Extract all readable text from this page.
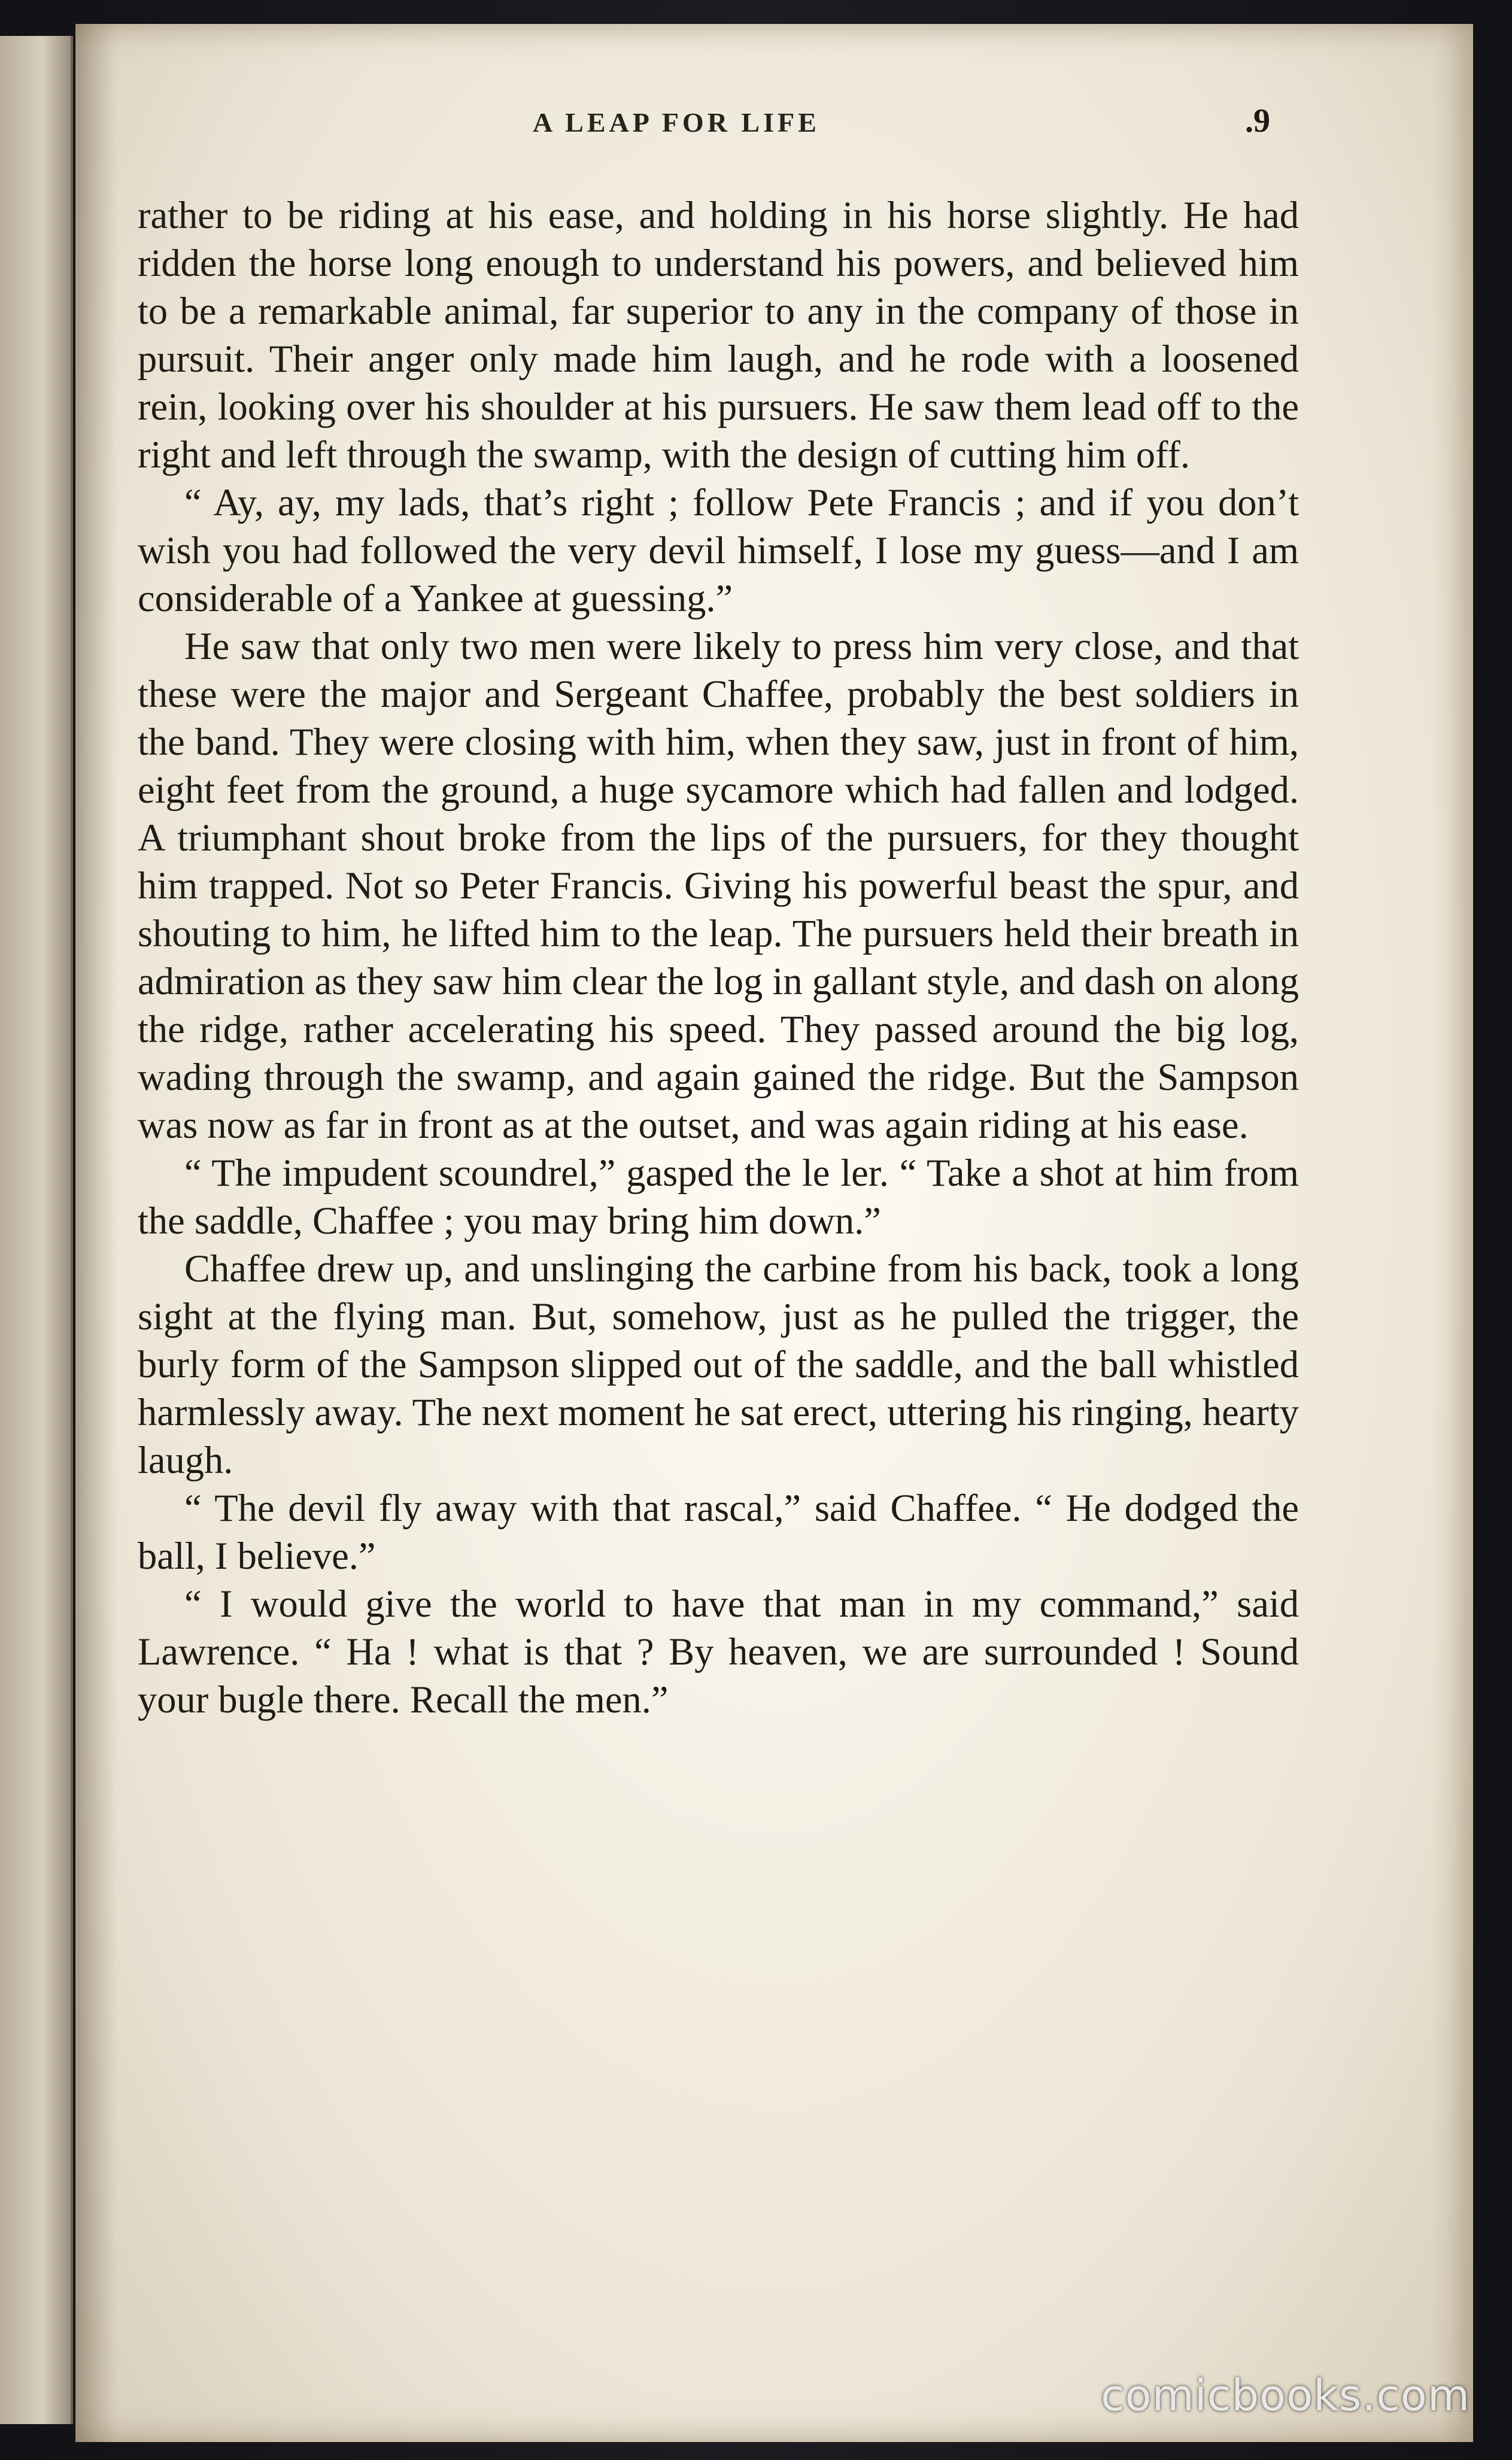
A LEAP FOR LIFE	.9

rather to be riding at his ease, and holding in his horse slightly. He had ridden the horse long enough to understand his powers, and believed him to be a remarkable animal, far superior to any in the company of those in pursuit. Their anger only made him laugh, and he rode with a loosened rein, looking over his shoulder at his pursuers. He saw them lead off to the right and left through the swamp, with the design of cutting him off.

“ Ay, ay, my lads, that’s right ; follow Pete Francis ; and if you don’t wish you had followed the very devil himself, I lose my guess—and I am considerable of a Yankee at guessing.”

He saw that only two men were likely to press him very close, and that these were the major and Sergeant Chaffee, probably the best soldiers in the band. They were closing with him, when they saw, just in front of him, eight feet from the ground, a huge sycamore which had fallen and lodged. A triumphant shout broke from the lips of the pursuers, for they thought him trapped. Not so Peter Francis. Giving his powerful beast the spur, and shouting to him, he lifted him to the leap. The pursuers held their breath in admiration as they saw him clear the log in gallant style, and dash on along the ridge, rather accelerating his speed. They passed around the big log, wading through the swamp, and again gained the ridge. But the Sampson was now as far in front as at the outset, and was again riding at his ease.

“ The impudent scoundrel,” gasped the le ler. “ Take a shot at him from the saddle, Chaffee ; you may bring him down.”

Chaffee drew up, and unslinging the carbine from his back, took a long sight at the flying man. But, somehow, just as he pulled the trigger, the burly form of the Sampson slipped out of the saddle, and the ball whistled harmlessly away. The next moment he sat erect, uttering his ringing, hearty laugh.

“ The devil fly away with that rascal,” said Chaffee. “ He dodged the ball, I believe.”

“ I would give the world to have that man in my command,” said Lawrence. “ Ha ! what is that ? By heaven, we are surrounded ! Sound your bugle there. Recall the men.”

comicbooks.com
